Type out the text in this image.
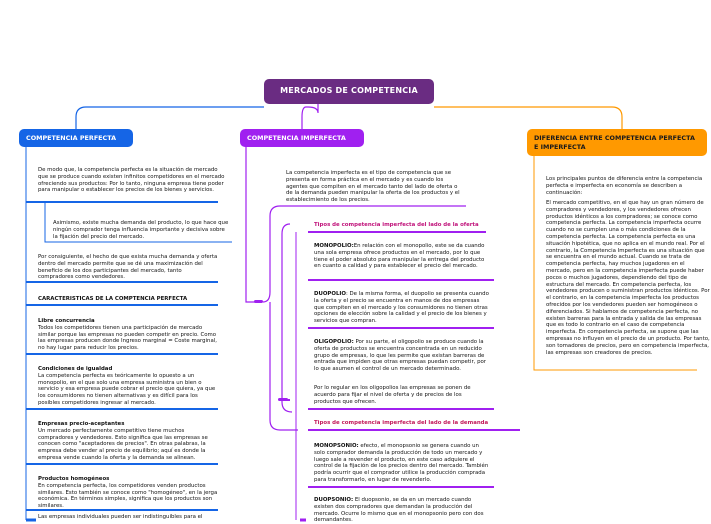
MERCADOS DE COMPETENCIA
COMPETENCIA PERFECTA	COMPETENCIA IMPERFECTA	DIFERENCIA ENTRE COMPETENCIA PERFECTA E IMPERFECTA

De modo que, la competencia perfecta es la situación de mercado que se produce cuando existen infinitos competidores en el mercado ofreciendo sus productos: Por lo tanto, ninguna empresa tiene poder para manipular o establecer los precios de los bienes y servicios.

Asimismo, existe mucha demanda del producto, lo que hace que ningún comprador tenga influencia importante y decisiva sobre la fijación del precio del mercado.

Por consiguiente, el hecho de que exista mucha demanda y oferta dentro del mercado permite que se dé una maximización del beneficio de los dos participantes del mercado, tanto compradores como vendedores.

CARACTERISTICAS DE LA COMPTENCIA PERFECTA

Libre concurrencia
Todos los competidores tienen una participación de mercado similar porque las empresas no pueden competir en precio. Como las empresas producen donde Ingreso marginal = Coste marginal, no hay lugar para reducir los precios.

Condiciones de igualdad
La competencia perfecta es teóricamente lo opuesto a un monopolio, en el que solo una empresa suministra un bien o servicio y esa empresa puede cobrar el precio que quiera, ya que los consumidores no tienen alternativas y es difícil para los posibles competidores ingresar al mercado.

Empresas precio-aceptantes
Un mercado perfectamente competitivo tiene muchos compradores y vendedores. Esto significa que las empresas se conocen como "aceptadores de precios". En otras palabras, la empresa debe vender al precio de equilibrio; aquí es donde la empresa vende cuando la oferta y la demanda se alinean.

Productos homogéneos
En competencia perfecta, los competidores venden productos similares. Esto también se conoce como "homogéneo", en la jerga económica. En términos simples, significa que los productos son similares.

Las empresas individuales pueden ser indistinguibles para el

La competencia imperfecta es el tipo de competencia que se presenta en forma práctica en el mercado y es cuando los agentes que compiten en el mercado tanto del lado de oferta o de la demanda pueden manipular la oferta de los productos y el establecimiento de los precios.

Tipos de competencia imperfecta del lado de la oferta

MONOPOLIO:En relación con el monopolio, este se da cuando una sola empresa ofrece productos en el mercado, por lo que tiene el poder absoluto para manipular la entrega del producto en cuanto a calidad y para establecer el precio del mercado.

DUOPOLIO: De la misma forma, el duopolio se presenta cuando la oferta y el precio se encuentra en manos de dos empresas que compiten en el mercado y los consumidores no tienen otras opciones de elección sobre la calidad y el precio de los bienes y servicios que compran.

OLIGOPOLIO: Por su parte, el oligopolio se produce cuando la oferta de productos se encuentra concentrada en un reducido grupo de empresas, lo que les permite que existan barreras de entrada que impiden que otras empresas puedan competir, por lo que asumen el control de un mercado determinado.

Por lo regular en los oligopolios las empresas se ponen de acuerdo para fijar el nivel de oferta y de precios de los productos que ofrecen.

Tipos de competencia imperfecta del lado de la demanda

MONOPSONIO: efecto, el monopsonio se genera cuando un solo comprador demanda la producción de todo un mercado y luego sale a revender el producto, en este caso adquiere el control de la fijación de los precios dentro del mercado. También podría ocurrir que el comprador utilice la producción comprada para transformarlo, en lugar de revenderlo.

DUOPSONIO: El duopsonio, se da en un mercado cuando existen dos compradores que demandan la producción del mercado. Ocurre lo mismo que en el monopsonio pero con dos demandantes.

Los principales puntos de diferencia entre la competencia perfecta e imperfecta en economía se describen a continuación:

El mercado competitivo, en el que hay un gran número de compradores y vendedores, y los vendedores ofrecen productos idénticos a los compradores; se conoce como competencia perfecta. La competencia imperfecta ocurre cuando no se cumplen una o más condiciones de la competencia perfecta. La competencia perfecta es una situación hipotética, que no aplica en el mundo real. Por el contrario, la Competencia Imperfecta es una situación que se encuentra en el mundo actual. Cuando se trata de competencia perfecta, hay muchos jugadores en el mercado, pero en la competencia imperfecta puede haber pocos o muchos jugadores, dependiendo del tipo de estructura del mercado. En competencia perfecta, los vendedores producen o suministran productos idénticos. Por el contrario, en la competencia imperfecta los productos ofrecidos por los vendedores pueden ser homogéneos o diferenciados. Si hablamos de competencia perfecta, no existen barreras para la entrada y salida de las empresas que es todo lo contrario en el caso de competencia imperfecta. En competencia perfecta, se supone que las empresas no influyen en el precio de un producto. Por tanto, son tomadores de precios, pero en competencia imperfecta, las empresas son creadores de precios.
